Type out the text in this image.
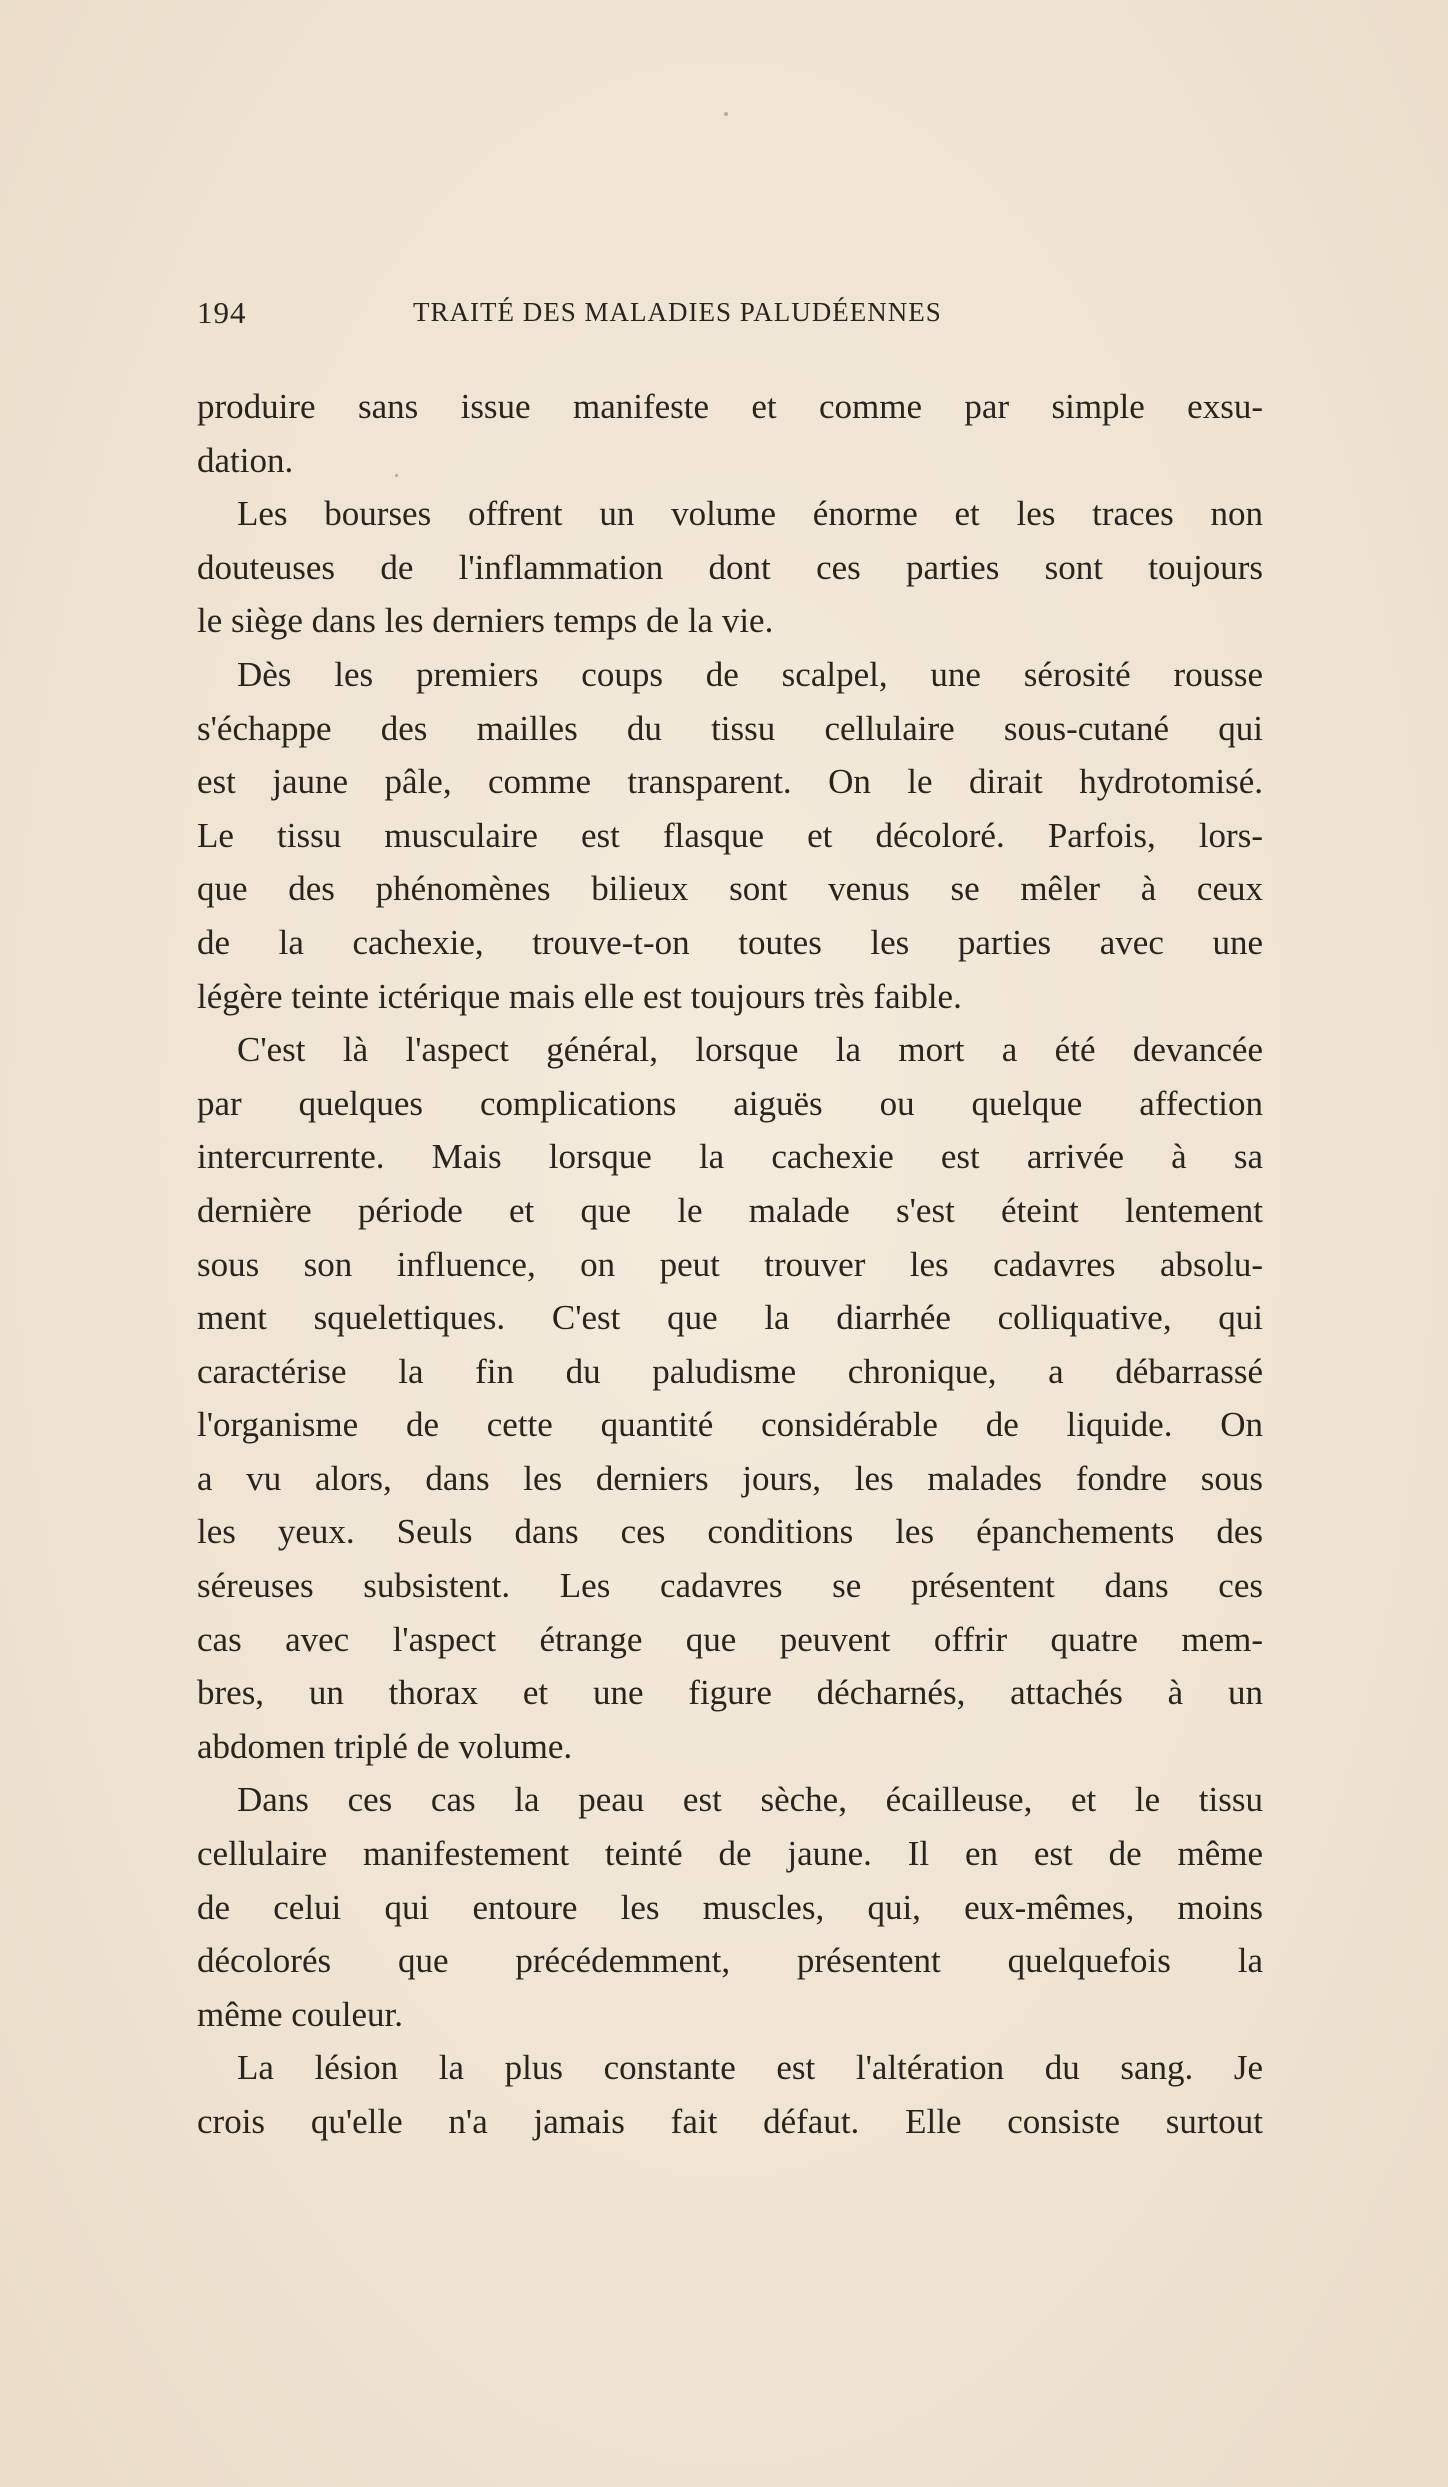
194	TRAITÉ DES MALADIES PALUDÉENNES
produire sans issue manifeste et comme par simple exsu-
dation.
Les bourses offrent un volume énorme et les traces non
douteuses de l'inflammation dont ces parties sont toujours
le siège dans les derniers temps de la vie.
Dès les premiers coups de scalpel, une sérosité rousse
s'échappe des mailles du tissu cellulaire sous-cutané qui
est jaune pâle, comme transparent. On le dirait hydrotomisé.
Le tissu musculaire est flasque et décoloré. Parfois, lors-
que des phénomènes bilieux sont venus se mêler à ceux
de la cachexie, trouve-t-on toutes les parties avec une
légère teinte ictérique mais elle est toujours très faible.
C'est là l'aspect général, lorsque la mort a été devancée
par quelques complications aiguës ou quelque affection
intercurrente. Mais lorsque la cachexie est arrivée à sa
dernière période et que le malade s'est éteint lentement
sous son influence, on peut trouver les cadavres absolu-
ment squelettiques. C'est que la diarrhée colliquative, qui
caractérise la fin du paludisme chronique, a débarrassé
l'organisme de cette quantité considérable de liquide. On
a vu alors, dans les derniers jours, les malades fondre sous
les yeux. Seuls dans ces conditions les épanchements des
séreuses subsistent. Les cadavres se présentent dans ces
cas avec l'aspect étrange que peuvent offrir quatre mem-
bres, un thorax et une figure décharnés, attachés à un
abdomen triplé de volume.
Dans ces cas la peau est sèche, écailleuse, et le tissu
cellulaire manifestement teinté de jaune. Il en est de même
de celui qui entoure les muscles, qui, eux-mêmes, moins
décolorés que précédemment, présentent quelquefois la
même couleur.
La lésion la plus constante est l'altération du sang. Je
crois qu'elle n'a jamais fait défaut. Elle consiste surtout
